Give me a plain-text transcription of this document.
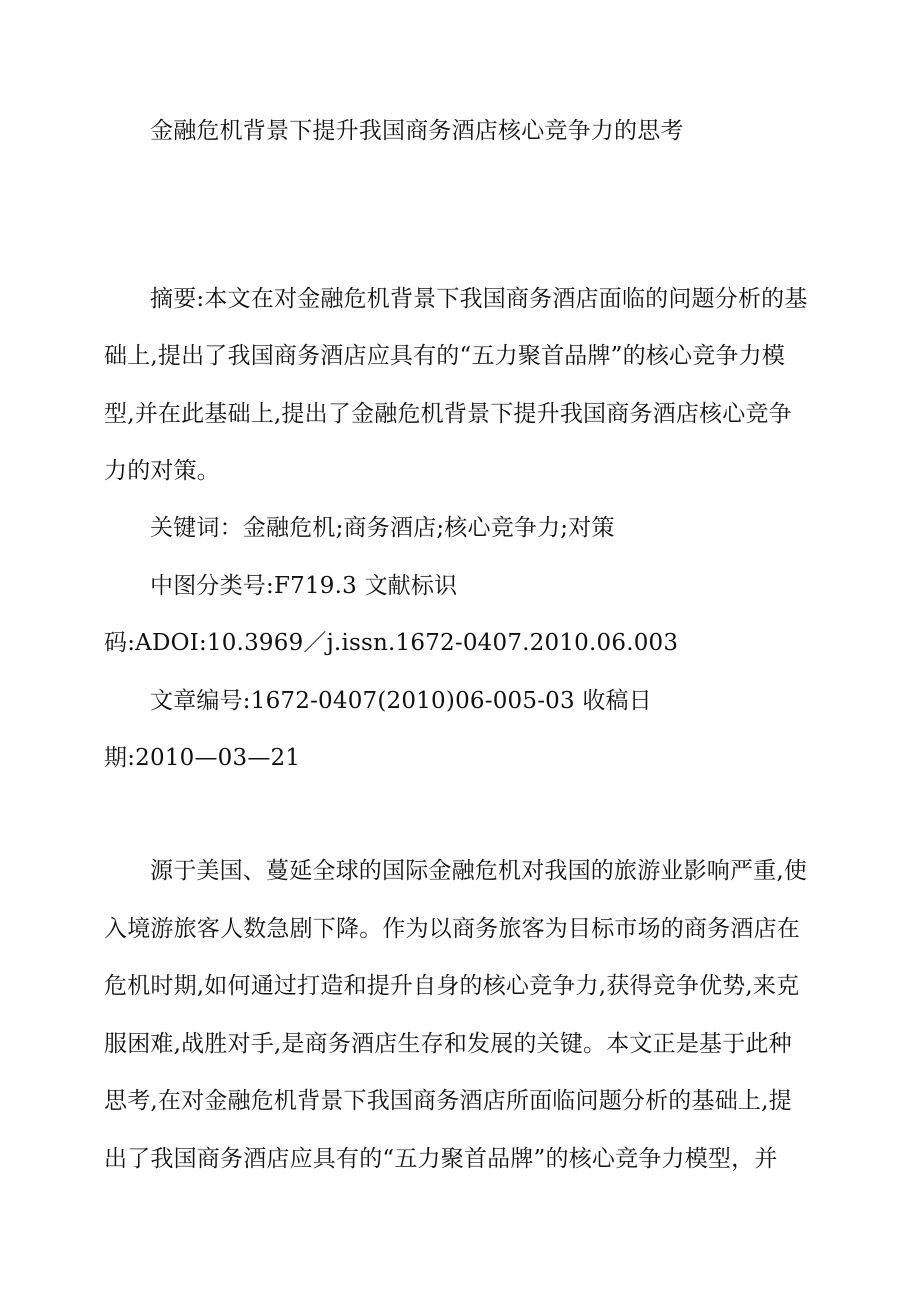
金融危机背景下提升我国商务酒店核心竞争力的思考
摘要:本文在对金融危机背景下我国商务酒店面临的问题分析的基
础上,提出了我国商务酒店应具有的“五力聚首品牌”的核心竞争力模
型,并在此基础上,提出了金融危机背景下提升我国商务酒店核心竞争
力的对策。
关键词：金融危机;商务酒店;核心竞争力;对策
中图分类号:F719.3 文献标识
码:ADOI:10.3969／j.issn.1672-0407.2010.06.003
文章编号:1672-0407(2010)06-005-03 收稿日
期:2010—03—21
源于美国、蔓延全球的国际金融危机对我国的旅游业影响严重,使
入境游旅客人数急剧下降。作为以商务旅客为目标市场的商务酒店在
危机时期,如何通过打造和提升自身的核心竞争力,获得竞争优势,来克
服困难,战胜对手,是商务酒店生存和发展的关键。本文正是基于此种
思考,在对金融危机背景下我国商务酒店所面临问题分析的基础上,提
出了我国商务酒店应具有的“五力聚首品牌”的核心竞争力模型，并
